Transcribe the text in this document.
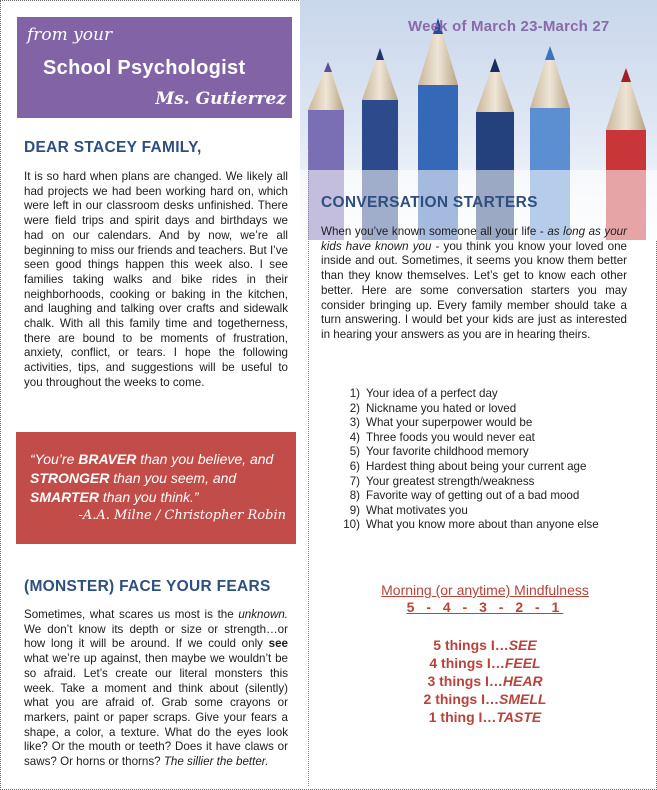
Week of March 23-March 27
from your
School Psychologist
Ms. Gutierrez
DEAR STACEY FAMILY,
It is so hard when plans are changed. We likely all had projects we had been working hard on, which were left in our classroom desks unfinished. There were field trips and spirit days and birthdays we had on our calendars. And by now, we’re all beginning to miss our friends and teachers. But I’ve seen good things happen this week also. I see families taking walks and bike rides in their neighborhoods, cooking or baking in the kitchen, and laughing and talking over crafts and sidewalk chalk. With all this family time and togetherness, there are bound to be moments of frustration, anxiety, conflict, or tears. I hope the following activities, tips, and suggestions will be useful to you throughout the weeks to come.
“You’re BRAVER than you believe, and STRONGER than you seem, and SMARTER than you think.”
-A.A. Milne / Christopher Robin
(MONSTER) FACE YOUR FEARS
Sometimes, what scares us most is the unknown. We don’t know its depth or size or strength…or how long it will be around. If we could only see what we’re up against, then maybe we wouldn’t be so afraid. Let’s create our literal monsters this week. Take a moment and think about (silently) what you are afraid of. Grab some crayons or markers, paint or paper scraps. Give your fears a shape, a color, a texture. What do the eyes look like? Or the mouth or teeth? Does it have claws or saws? Or horns or thorns? The sillier the better.
CONVERSATION STARTERS
When you’ve known someone all your life - as long as your kids have known you - you think you know your loved one inside and out. Sometimes, it seems you know them better than they know themselves. Let’s get to know each other better. Here are some conversation starters you may consider bringing up. Every family member should take a turn answering. I would bet your kids are just as interested in hearing your answers as you are in hearing theirs.
1) Your idea of a perfect day
2) Nickname you hated or loved
3) What your superpower would be
4) Three foods you would never eat
5) Your favorite childhood memory
6) Hardest thing about being your current age
7) Your greatest strength/weakness
8) Favorite way of getting out of a bad mood
9) What motivates you
10) What you know more about than anyone else
Morning (or anytime) Mindfulness
5 - 4 - 3 - 2 - 1
5 things I…SEE
4 things I…FEEL
3 things I…HEAR
2 things I…SMELL
1 thing I…TASTE
